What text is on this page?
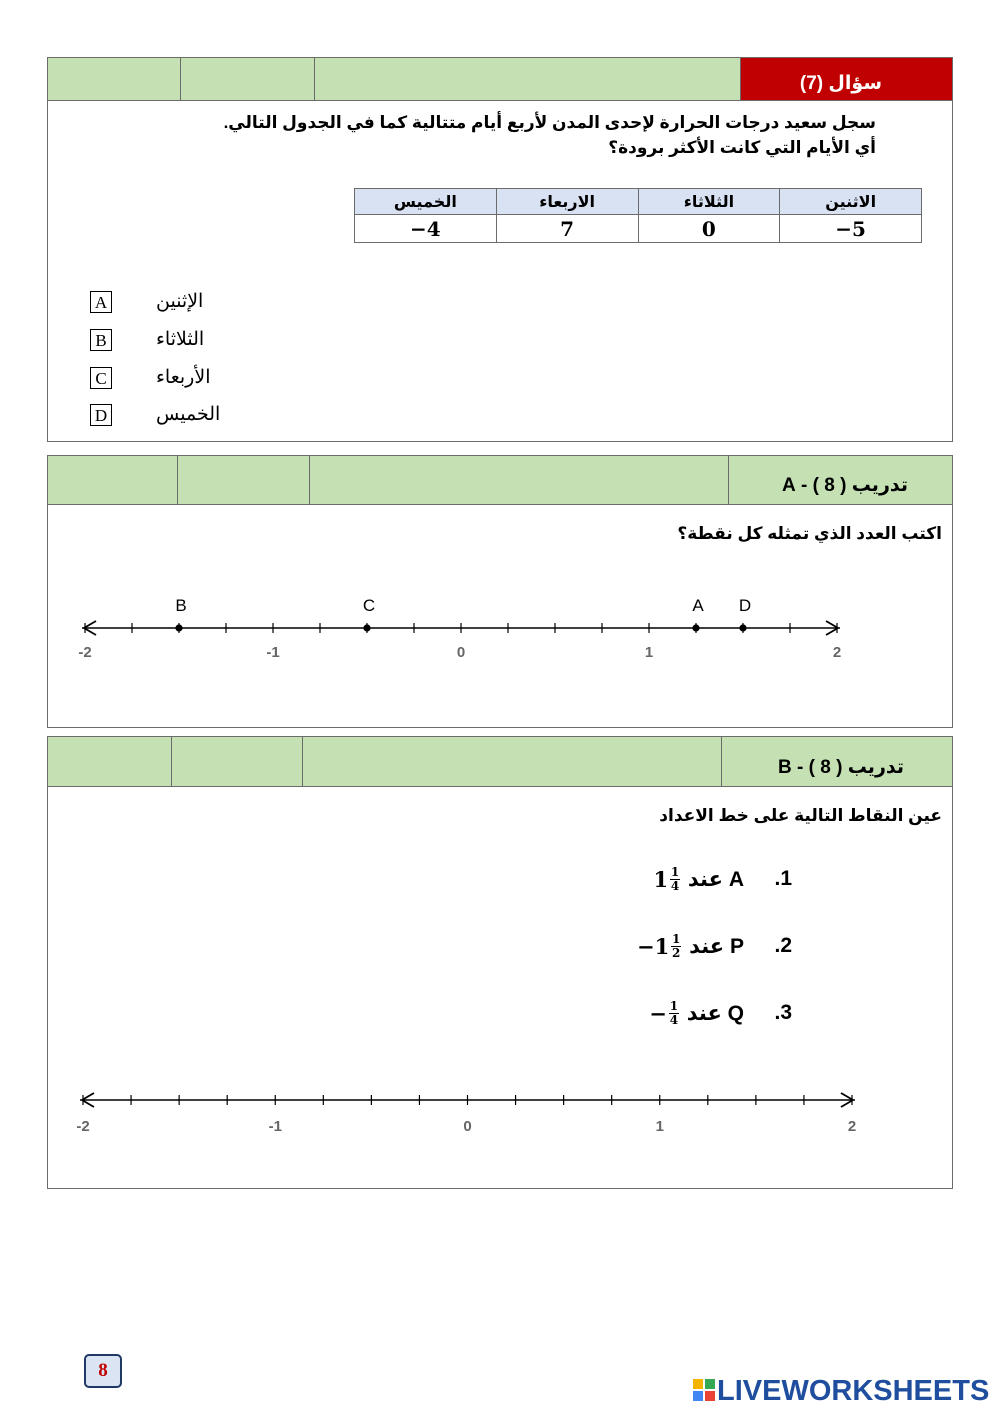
سؤال (7)
سجل سعيد درجات الحرارة لإحدى المدن لأربع أيام متتالية كما في الجدول التالي.
أي الأيام التي كانت الأكثر برودة؟
الخميس	الاربعاء	الثلاثاء	الاثنين
−4	7	0	−5
A	الإثنين
B	الثلاثاء
C	الأربعاء
D	الخميس
تدريب ( 8 ) - A
اكتب العدد الذي تمثله كل نقطة؟
-2	-1	0	1	2
B	C	A D
تدريب ( 8 ) - B
عين النقاط التالية على خط الاعداد
1.
A

عند

$1 \frac{1}{4}$
2.
P

عند

− $1 \frac{1}{2}$
3.
Q

عند

− $\frac{1}{4}$
-2	-1	0	1	2
8
LIVEWORKSHEETS
